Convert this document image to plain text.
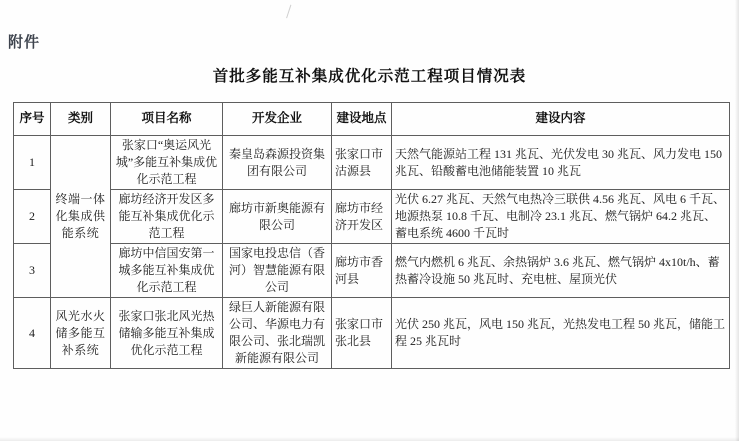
附件
首批多能互补集成优化示范工程项目情况表
序号	类别	项目名称	开发企业	建设地点	建设内容
1	终端一体化集成供能系统	张家口“奥运风光城”多能互补集成优化示范工程	秦皇岛森源投资集团有限公司	张家口市沽源县	天然气能源站工程 131 兆瓦、光伏发电 30 兆瓦、风力发电 150 兆瓦、铅酸蓄电池储能装置 10 兆瓦
2		廊坊经济开发区多能互补集成优化示范工程	廊坊市新奥能源有限公司	廊坊市经济开发区	光伏 6.27 兆瓦、天然气电热冷三联供 4.56 兆瓦、风电 6 千瓦、地源热泵 10.8 千瓦、电制冷 23.1 兆瓦、燃气锅炉 64.2 兆瓦、蓄电系统 4600 千瓦时
3		廊坊中信国安第一城多能互补集成优化示范工程	国家电投忠信（香河）智慧能源有限公司	廊坊市香河县	燃气内燃机 6 兆瓦、余热锅炉 3.6 兆瓦、燃气锅炉 4x10t/h、蓄热蓄冷设施 50 兆瓦时、充电桩、屋顶光伏
4	风光水火储多能互补系统	张家口张北风光热储输多能互补集成优化示范工程	绿巨人新能源有限公司、华源电力有限公司、张北瑞凯新能源有限公司	张家口市张北县	光伏 250 兆瓦，风电 150 兆瓦，光热发电工程 50 兆瓦，储能工程 25 兆瓦时
